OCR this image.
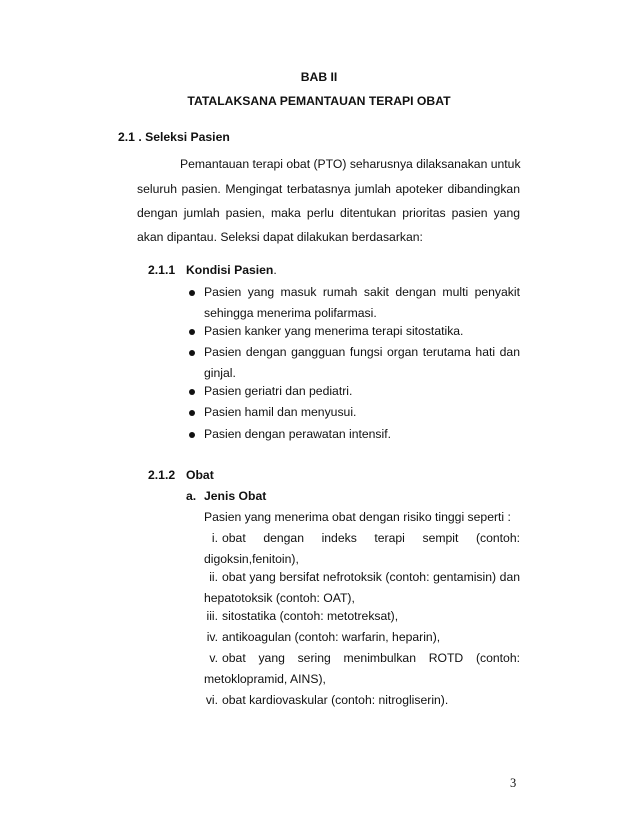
BAB II
TATALAKSANA PEMANTAUAN TERAPI OBAT
2.1 . Seleksi Pasien
Pemantauan terapi obat (PTO) seharusnya dilaksanakan untuk
seluruh pasien. Mengingat terbatasnya jumlah apoteker dibandingkan
dengan jumlah pasien, maka perlu ditentukan prioritas pasien yang
akan dipantau. Seleksi dapat dilakukan berdasarkan:
2.1.1 Kondisi Pasien.
Pasien yang masuk rumah sakit dengan multi penyakit
sehingga menerima polifarmasi.
Pasien kanker yang menerima terapi sitostatika.
Pasien dengan gangguan fungsi organ terutama hati dan
ginjal.
Pasien geriatri dan pediatri.
Pasien hamil dan menyusui.
Pasien dengan perawatan intensif.
2.1.2 Obat
a. Jenis Obat
Pasien yang menerima obat dengan risiko tinggi seperti :
i. obat dengan indeks terapi sempit (contoh:
digoksin,fenitoin),
ii. obat yang bersifat nefrotoksik (contoh: gentamisin) dan
hepatotoksik (contoh: OAT),
iii. sitostatika (contoh: metotreksat),
iv. antikoagulan (contoh: warfarin, heparin),
v. obat yang sering menimbulkan ROTD (contoh:
metoklopramid, AINS),
vi. obat kardiovaskular (contoh: nitrogliserin).
3
